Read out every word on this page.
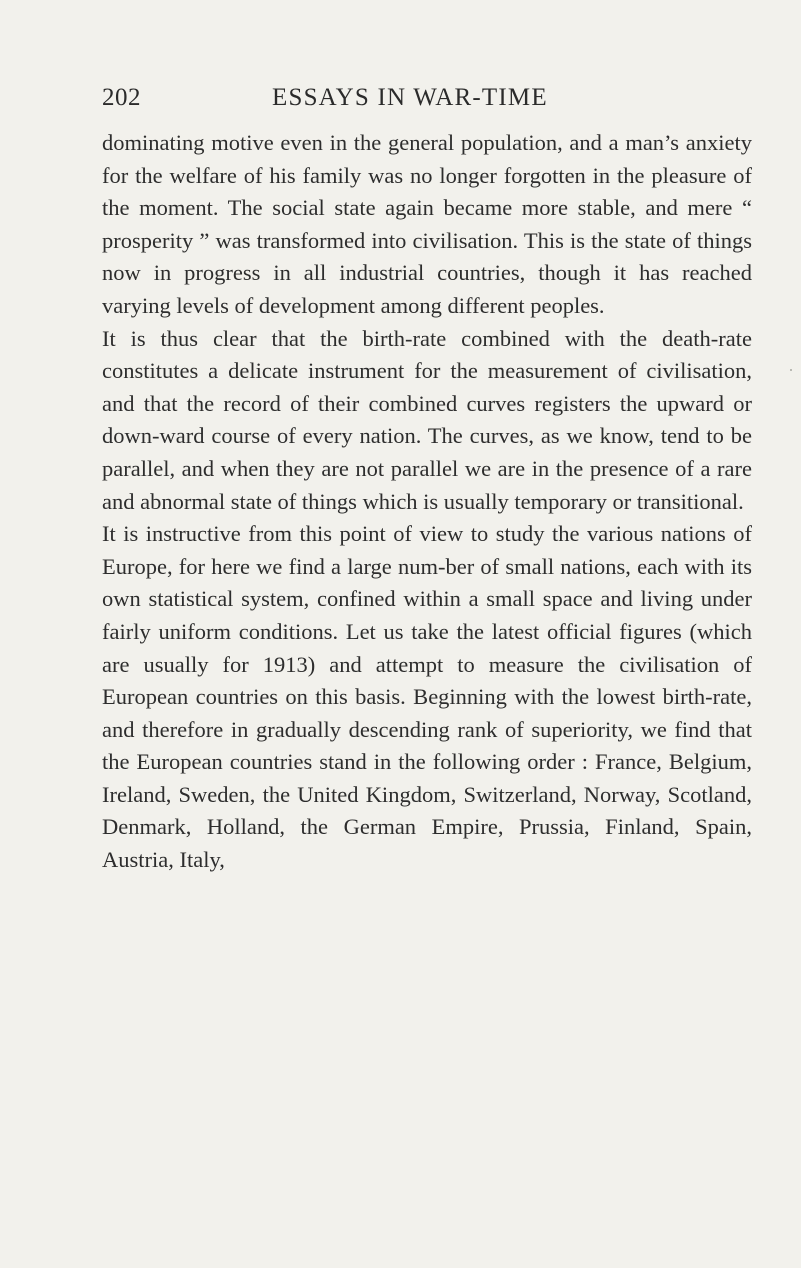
202	ESSAYS IN WAR-TIME

dominating motive even in the general population, and a man’s anxiety for the welfare of his family was no longer forgotten in the pleasure of the moment. The social state again became more stable, and mere “ prosperity ” was transformed into civilisation. This is the state of things now in progress in all industrial countries, though it has reached varying levels of development among different peoples.

It is thus clear that the birth-rate combined with the death-rate constitutes a delicate instrument for the measurement of civilisation, and that the record of their combined curves registers the upward or down-ward course of every nation. The curves, as we know, tend to be parallel, and when they are not parallel we are in the presence of a rare and abnormal state of things which is usually temporary or transitional.

It is instructive from this point of view to study the various nations of Europe, for here we find a large num-ber of small nations, each with its own statistical system, confined within a small space and living under fairly uniform conditions. Let us take the latest official figures (which are usually for 1913) and attempt to measure the civilisation of European countries on this basis. Beginning with the lowest birth-rate, and therefore in gradually descending rank of superiority, we find that the European countries stand in the following order : France, Belgium, Ireland, Sweden, the United Kingdom, Switzerland, Norway, Scotland, Denmark, Holland, the German Empire, Prussia, Finland, Spain, Austria, Italy,
